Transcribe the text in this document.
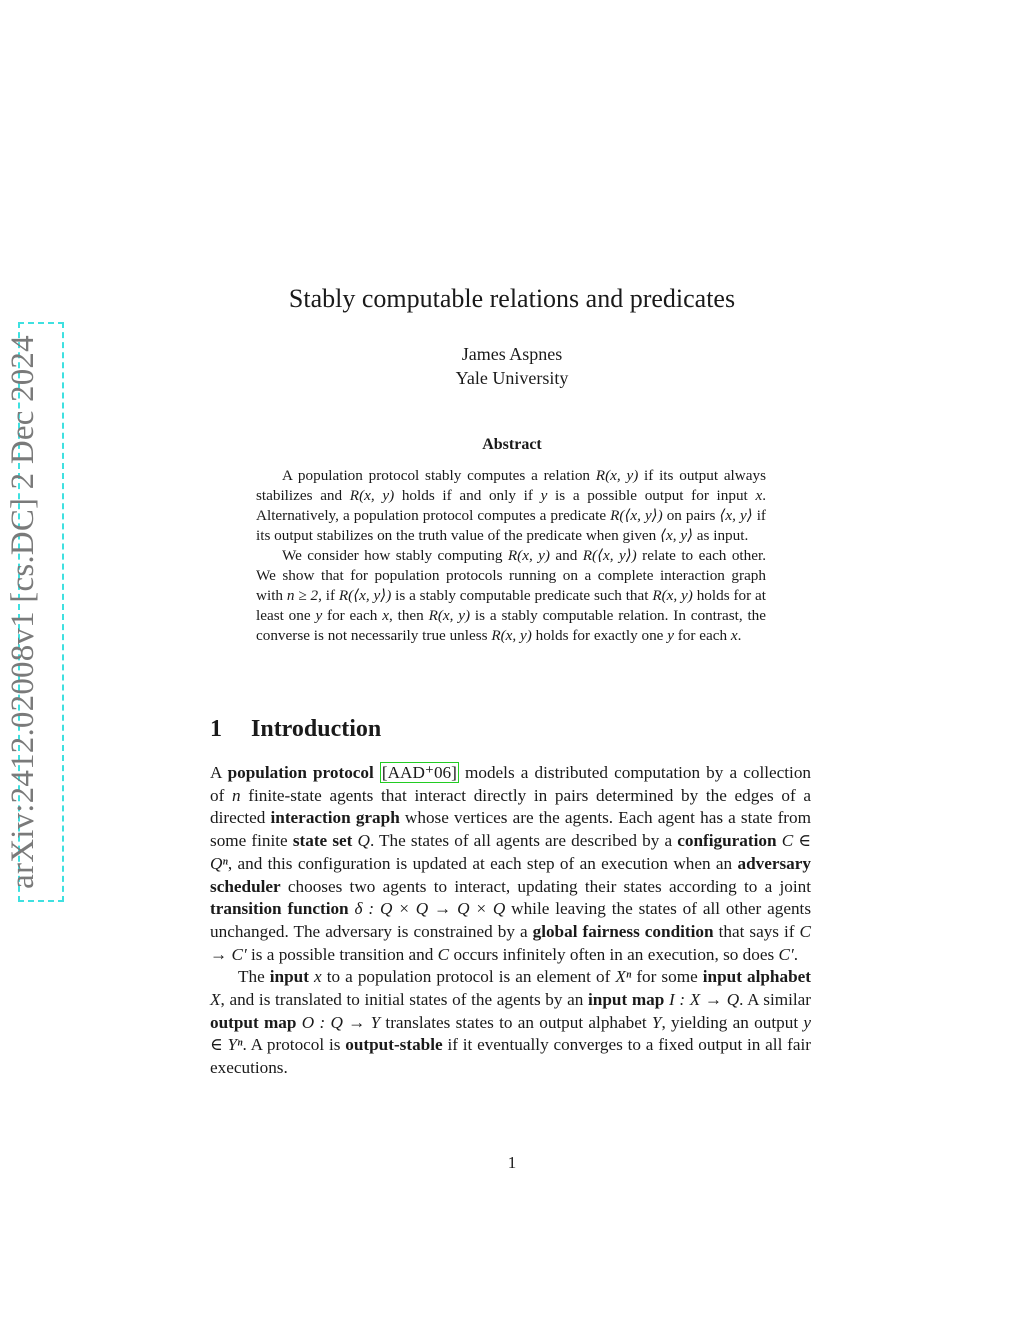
arXiv:2412.02008v1 [cs.DC] 2 Dec 2024
Stably computable relations and predicates
James Aspnes
Yale University
Abstract

A population protocol stably computes a relation R(x, y) if its output always stabilizes and R(x, y) holds if and only if y is a possible output for input x. Alternatively, a population protocol computes a predicate R(⟨x, y⟩) on pairs ⟨x, y⟩ if its output stabilizes on the truth value of the predicate when given ⟨x, y⟩ as input.

We consider how stably computing R(x, y) and R(⟨x, y⟩) relate to each other. We show that for population protocols running on a complete interaction graph with n ≥ 2, if R(⟨x, y⟩) is a stably computable predicate such that R(x, y) holds for at least one y for each x, then R(x, y) is a stably computable relation. In contrast, the converse is not necessarily true unless R(x, y) holds for exactly one y for each x.

1 Introduction

A population protocol [AAD⁺06] models a distributed computation by a collection of n finite-state agents that interact directly in pairs determined by the edges of a directed interaction graph whose vertices are the agents. Each agent has a state from some finite state set Q. The states of all agents are described by a configuration C ∈ Qⁿ, and this configuration is updated at each step of an execution when an adversary scheduler chooses two agents to interact, updating their states according to a joint transition function δ : Q × Q → Q × Q while leaving the states of all other agents unchanged. The adversary is constrained by a global fairness condition that says if C → C′ is a possible transition and C occurs infinitely often in an execution, so does C′.

The input x to a population protocol is an element of Xⁿ for some input alphabet X, and is translated to initial states of the agents by an input map I : X → Q. A similar output map O : Q → Y translates states to an output alphabet Y, yielding an output y ∈ Yⁿ. A protocol is output-stable if it eventually converges to a fixed output in all fair executions.

1
